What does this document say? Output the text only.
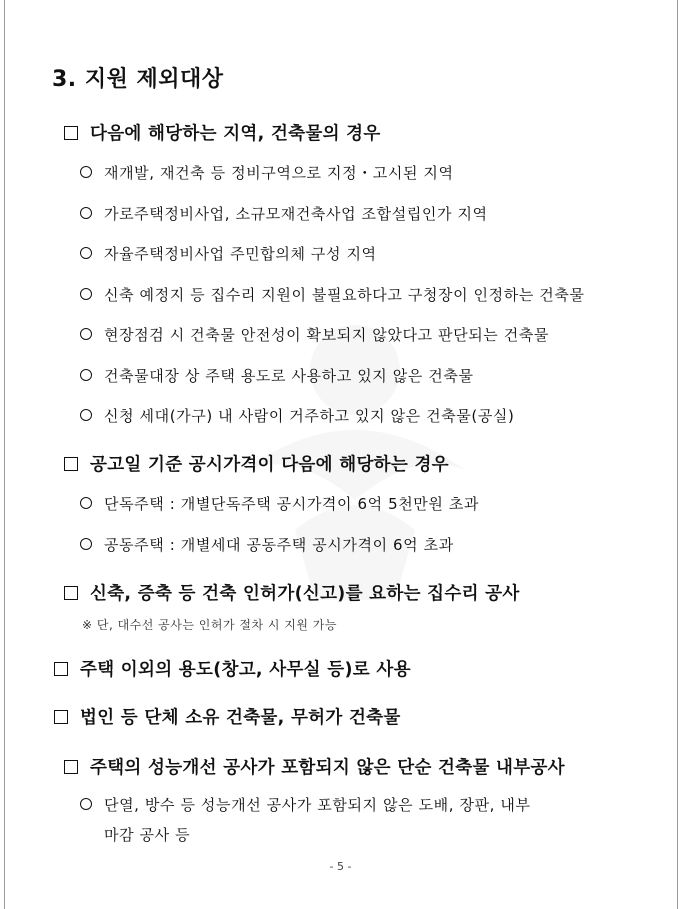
3. 지원 제외대상
다음에 해당하는 지역, 건축물의 경우
재개발, 재건축 등 정비구역으로 지정・고시된 지역
가로주택정비사업, 소규모재건축사업 조합설립인가 지역
자율주택정비사업 주민합의체 구성 지역
신축 예정지 등 집수리 지원이 불필요하다고 구청장이 인정하는 건축물
현장점검 시 건축물 안전성이 확보되지 않았다고 판단되는 건축물
건축물대장 상 주택 용도로 사용하고 있지 않은 건축물
신청 세대(가구) 내 사람이 거주하고 있지 않은 건축물(공실)
공고일 기준 공시가격이 다음에 해당하는 경우
단독주택 : 개별단독주택 공시가격이 6억 5천만원 초과
공동주택 : 개별세대 공동주택 공시가격이 6억 초과
신축, 증축 등 건축 인허가(신고)를 요하는 집수리 공사
※ 단, 대수선 공사는 인허가 절차 시 지원 가능
주택 이외의 용도(창고, 사무실 등)로 사용
법인 등 단체 소유 건축물, 무허가 건축물
주택의 성능개선 공사가 포함되지 않은 단순 건축물 내부공사
단열, 방수 등 성능개선 공사가 포함되지 않은 도배, 장판, 내부
마감 공사 등
- 5 -
